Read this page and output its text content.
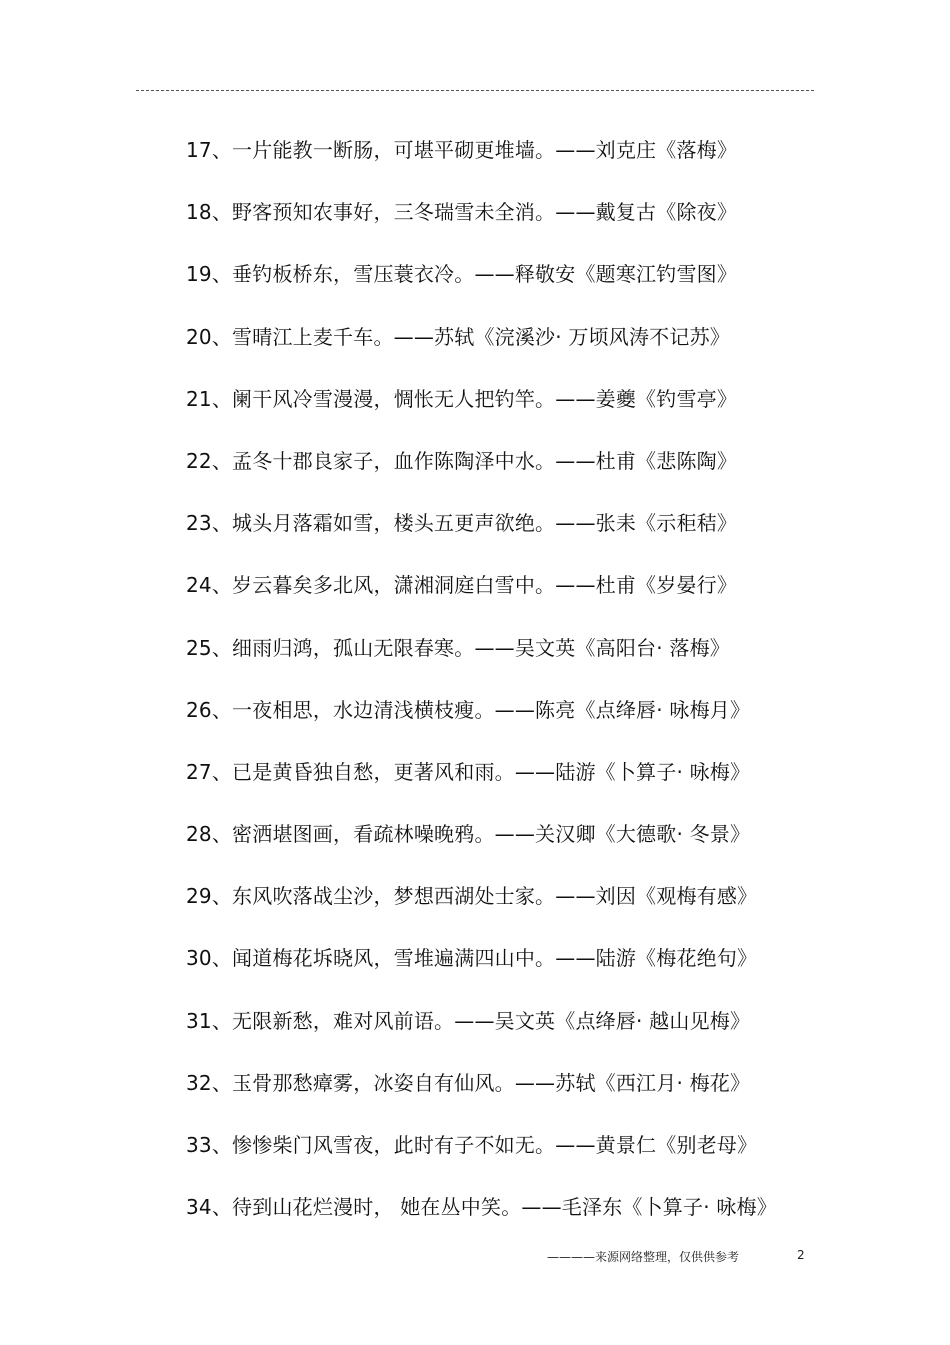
17、一片能教一断肠，可堪平砌更堆墙。——刘克庄《落梅》
18、野客预知农事好，三冬瑞雪未全消。——戴复古《除夜》
19、垂钓板桥东，雪压蓑衣冷。——释敬安《题寒江钓雪图》
20、雪晴江上麦千车。——苏轼《浣溪沙· 万顷风涛不记苏》
21、阑干风冷雪漫漫，惆怅无人把钓竿。——姜夔《钓雪亭》
22、孟冬十郡良家子，血作陈陶泽中水。——杜甫《悲陈陶》
23、城头月落霜如雪，楼头五更声欲绝。——张耒《示秬秸》
24、岁云暮矣多北风，潇湘洞庭白雪中。——杜甫《岁晏行》
25、细雨归鸿，孤山无限春寒。——吴文英《高阳台· 落梅》
26、一夜相思，水边清浅横枝瘦。——陈亮《点绛唇· 咏梅月》
27、已是黄昏独自愁，更著风和雨。——陆游《卜算子· 咏梅》
28、密洒堪图画，看疏林噪晚鸦。——关汉卿《大德歌· 冬景》
29、东风吹落战尘沙，梦想西湖处士家。——刘因《观梅有感》
30、闻道梅花坼晓风，雪堆遍满四山中。——陆游《梅花绝句》
31、无限新愁，难对风前语。——吴文英《点绛唇· 越山见梅》
32、玉骨那愁瘴雾，冰姿自有仙风。——苏轼《西江月· 梅花》
33、惨惨柴门风雪夜，此时有子不如无。——黄景仁《别老母》
34、待到山花烂漫时， 她在丛中笑。——毛泽东《卜算子· 咏梅》
————来源网络整理，仅供供参考	2
